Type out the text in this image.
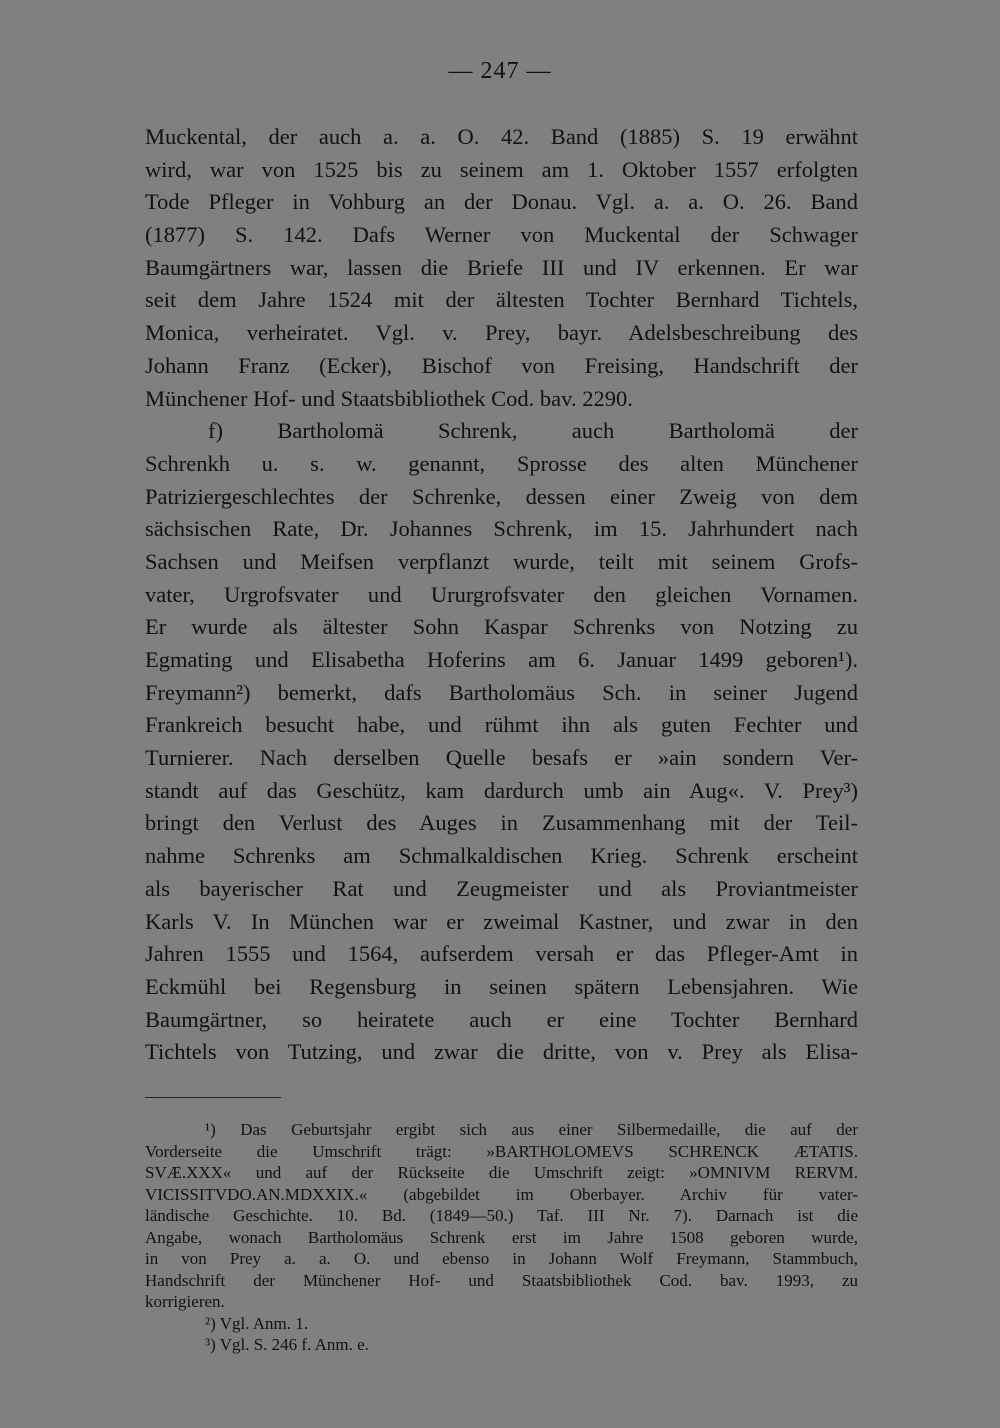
— 247 —
Muckental, der auch a. a. O. 42. Band (1885) S. 19 erwähnt
wird, war von 1525 bis zu seinem am 1. Oktober 1557 erfolgten
Tode Pfleger in Vohburg an der Donau. Vgl. a. a. O. 26. Band
(1877) S. 142. Dafs Werner von Muckental der Schwager
Baumgärtners war, lassen die Briefe III und IV erkennen. Er war
seit dem Jahre 1524 mit der ältesten Tochter Bernhard Tichtels,
Monica, verheiratet. Vgl. v. Prey, bayr. Adelsbeschreibung des
Johann Franz (Ecker), Bischof von Freising, Handschrift der
Münchener Hof- und Staatsbibliothek Cod. bav. 2290.
f) Bartholomä Schrenk, auch Bartholomä der
Schrenkh u. s. w. genannt, Sprosse des alten Münchener
Patriziergeschlechtes der Schrenke, dessen einer Zweig von dem
sächsischen Rate, Dr. Johannes Schrenk, im 15. Jahrhundert nach
Sachsen und Meifsen verpflanzt wurde, teilt mit seinem Grofs-
vater, Urgrofsvater und Ururgrofsvater den gleichen Vornamen.
Er wurde als ältester Sohn Kaspar Schrenks von Notzing zu
Egmating und Elisabetha Hoferins am 6. Januar 1499 geboren¹).
Freymann²) bemerkt, dafs Bartholomäus Sch. in seiner Jugend
Frankreich besucht habe, und rühmt ihn als guten Fechter und
Turnierer. Nach derselben Quelle besafs er »ain sondern Ver-
standt auf das Geschütz, kam dardurch umb ain Aug«. V. Prey³)
bringt den Verlust des Auges in Zusammenhang mit der Teil-
nahme Schrenks am Schmalkaldischen Krieg. Schrenk erscheint
als bayerischer Rat und Zeugmeister und als Proviantmeister
Karls V. In München war er zweimal Kastner, und zwar in den
Jahren 1555 und 1564, aufserdem versah er das Pfleger-Amt in
Eckmühl bei Regensburg in seinen spätern Lebensjahren. Wie
Baumgärtner, so heiratete auch er eine Tochter Bernhard
Tichtels von Tutzing, und zwar die dritte, von v. Prey als Elisa-
¹) Das Geburtsjahr ergibt sich aus einer Silbermedaille, die auf der
Vorderseite die Umschrift trägt: »BARTHOLOMEVS SCHRENCK ÆTATIS.
SVÆ.XXX« und auf der Rückseite die Umschrift zeigt: »OMNIVM RERVM.
VICISSITVDO.AN.MDXXIX.« (abgebildet im Oberbayer. Archiv für vater-
ländische Geschichte. 10. Bd. (1849—50.) Taf. III Nr. 7). Darnach ist die
Angabe, wonach Bartholomäus Schrenk erst im Jahre 1508 geboren wurde,
in von Prey a. a. O. und ebenso in Johann Wolf Freymann, Stammbuch,
Handschrift der Münchener Hof- und Staatsbibliothek Cod. bav. 1993, zu
korrigieren.
²) Vgl. Anm. 1.
³) Vgl. S. 246 f. Anm. e.
